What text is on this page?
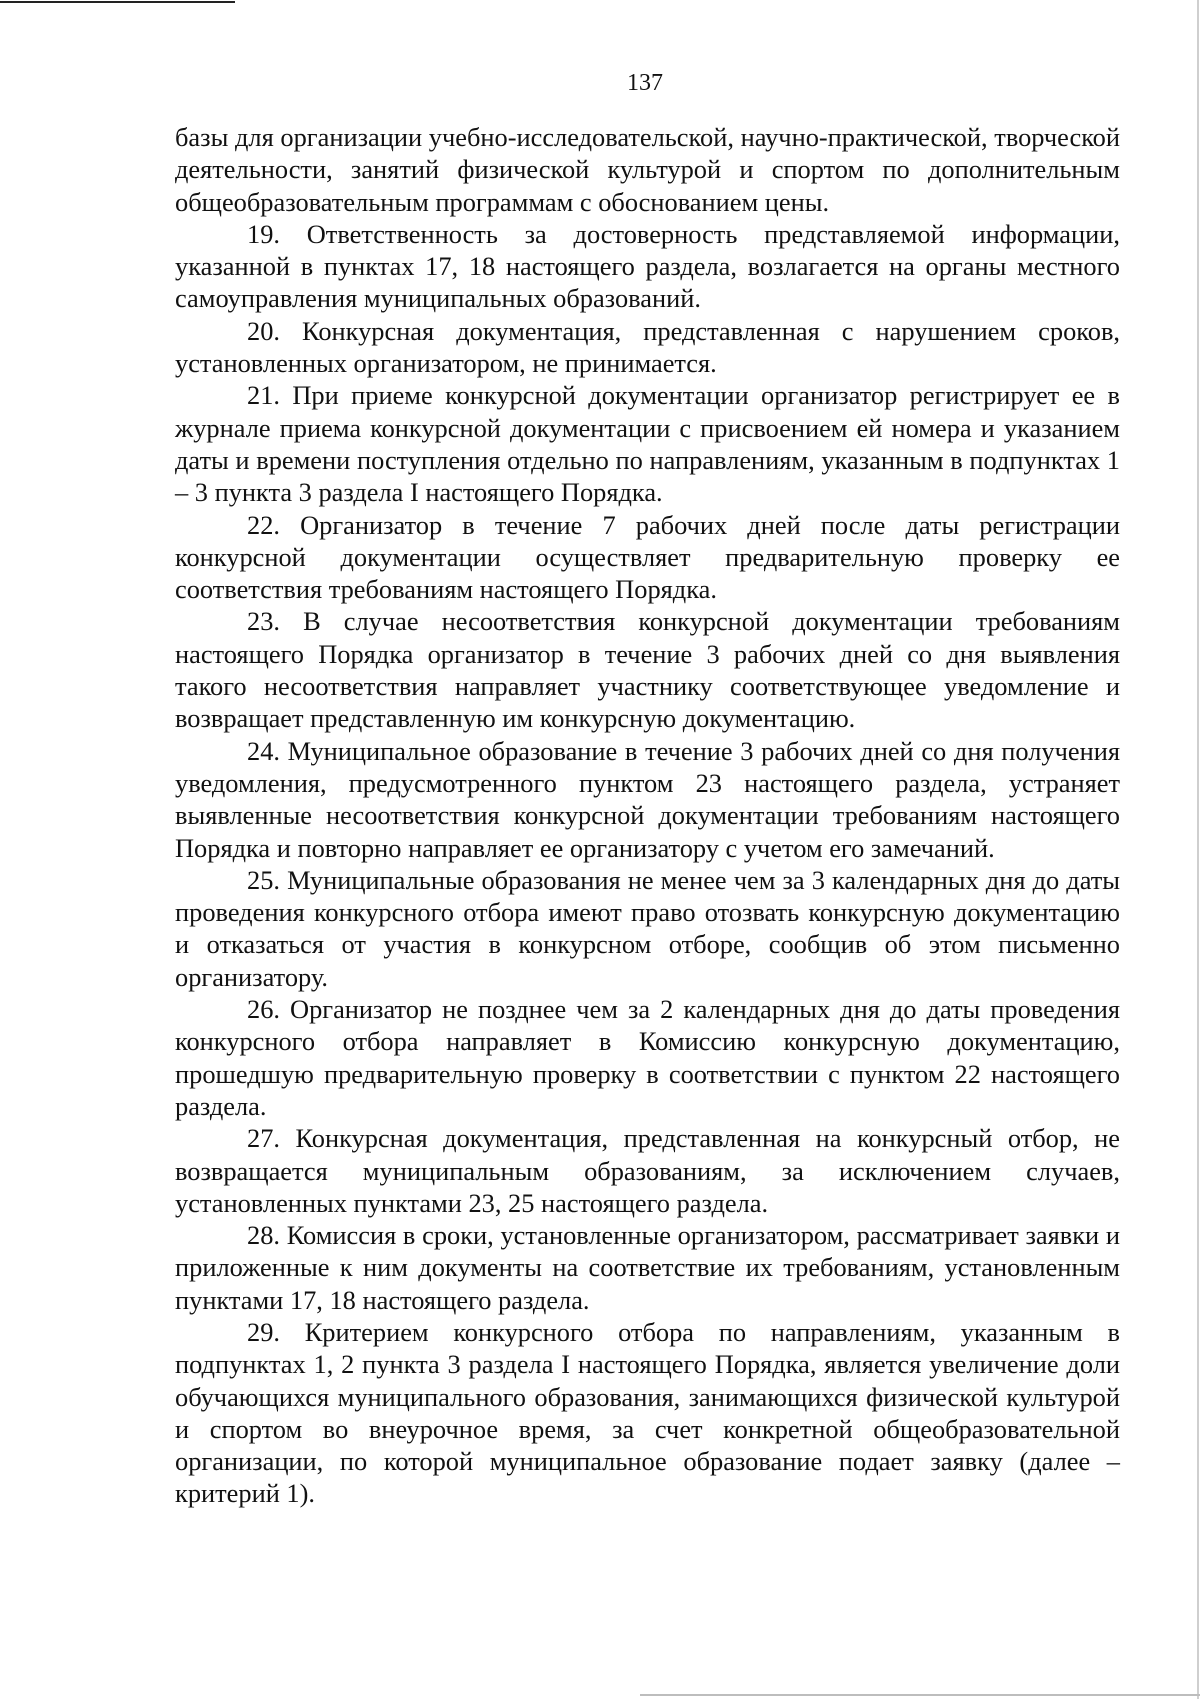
137

базы для организации учебно-исследовательской, научно-практической, творческой деятельности, занятий физической культурой и спортом по дополнительным общеобразовательным программам с обоснованием цены.

19. Ответственность за достоверность представляемой информации, указанной в пунктах 17, 18 настоящего раздела, возлагается на органы местного самоуправления муниципальных образований.

20. Конкурсная документация, представленная с нарушением сроков, установленных организатором, не принимается.

21. При приеме конкурсной документации организатор регистрирует ее в журнале приема конкурсной документации с присвоением ей номера и указанием даты и времени поступления отдельно по направлениям, указанным в подпунктах 1 – 3 пункта 3 раздела I настоящего Порядка.

22. Организатор в течение 7 рабочих дней после даты регистрации конкурсной документации осуществляет предварительную проверку ее соответствия требованиям настоящего Порядка.

23. В случае несоответствия конкурсной документации требованиям настоящего Порядка организатор в течение 3 рабочих дней со дня выявления такого несоответствия направляет участнику соответствующее уведомление и возвращает представленную им конкурсную документацию.

24. Муниципальное образование в течение 3 рабочих дней со дня получения уведомления, предусмотренного пунктом 23 настоящего раздела, устраняет выявленные несоответствия конкурсной документации требованиям настоящего Порядка и повторно направляет ее организатору с учетом его замечаний.

25. Муниципальные образования не менее чем за 3 календарных дня до даты проведения конкурсного отбора имеют право отозвать конкурсную документацию и отказаться от участия в конкурсном отборе, сообщив об этом письменно организатору.

26. Организатор не позднее чем за 2 календарных дня до даты проведения конкурсного отбора направляет в Комиссию конкурсную документацию, прошедшую предварительную проверку в соответствии с пунктом 22 настоящего раздела.

27. Конкурсная документация, представленная на конкурсный отбор, не возвращается муниципальным образованиям, за исключением случаев, установленных пунктами 23, 25 настоящего раздела.

28. Комиссия в сроки, установленные организатором, рассматривает заявки и приложенные к ним документы на соответствие их требованиям, установленным пунктами 17, 18 настоящего раздела.

29. Критерием конкурсного отбора по направлениям, указанным в подпунктах 1, 2 пункта 3 раздела I настоящего Порядка, является увеличение доли обучающихся муниципального образования, занимающихся физической культурой и спортом во внеурочное время, за счет конкретной общеобразовательной организации, по которой муниципальное образование подает заявку (далее – критерий 1).
